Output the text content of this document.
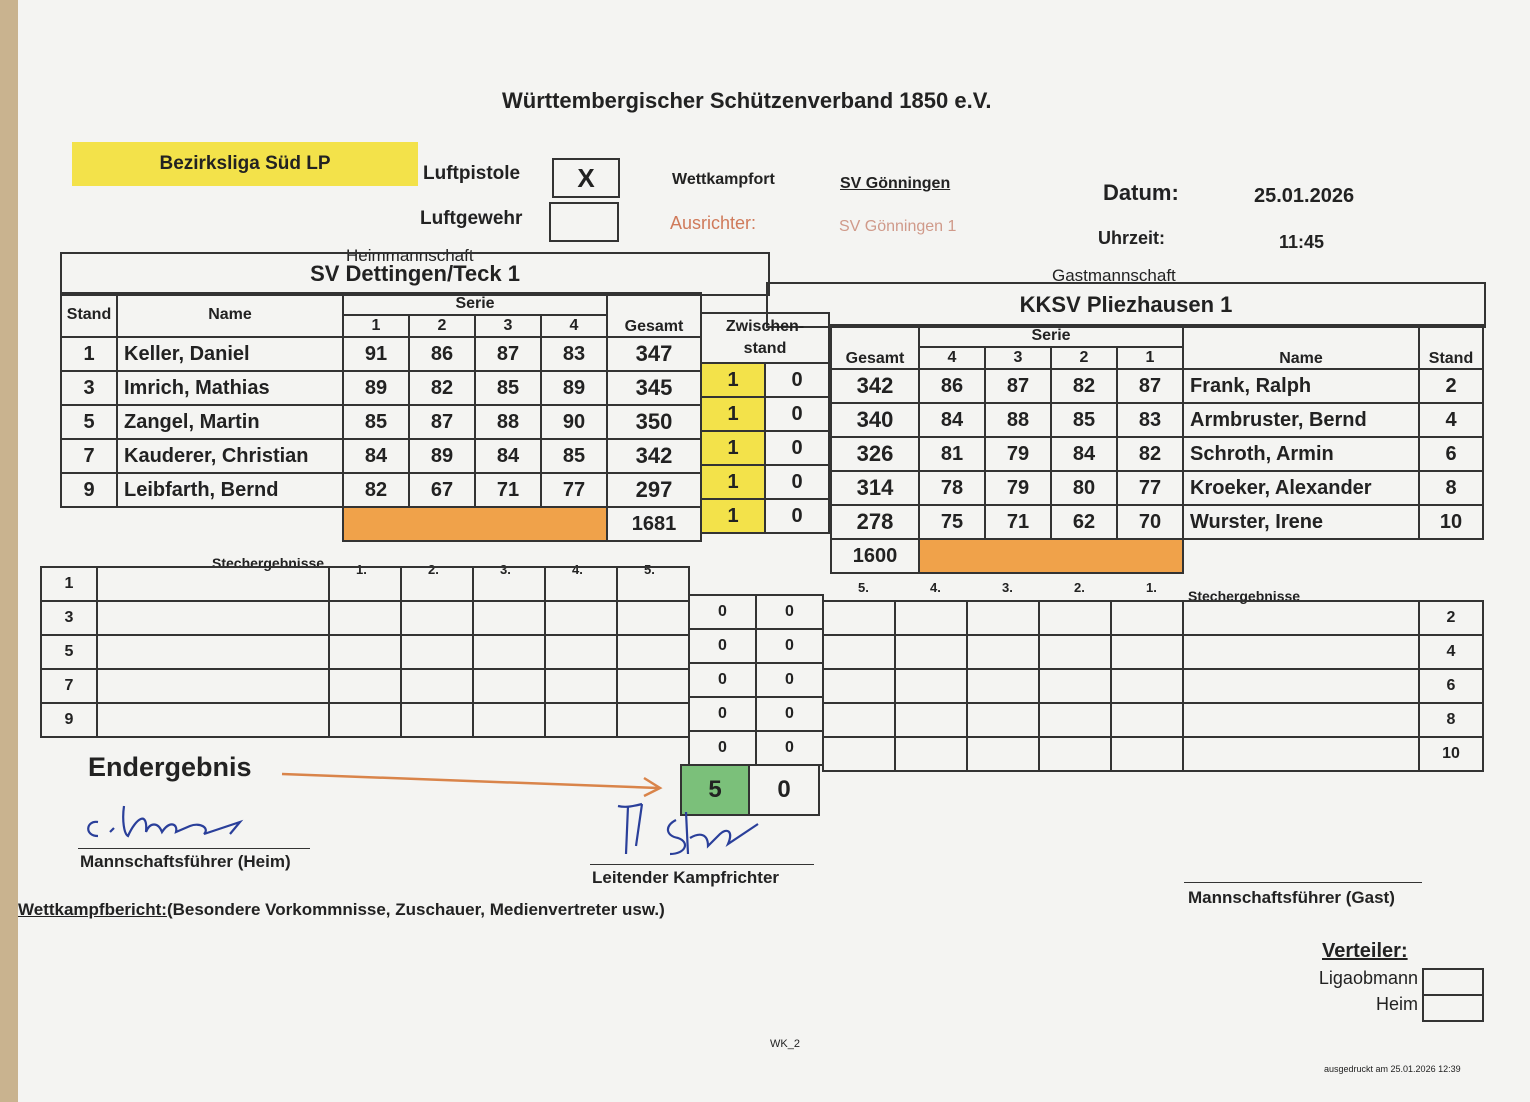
Württembergischer Schützenverband 1850 e.V.
Bezirksliga Süd LP	Luftpistole	X
Luftgewehr
Wettkampfort	SV Gönningen
Ausrichter:	SV Gönningen 1
Datum:	25.01.2026
Uhrzeit:	11:45
Heimmannschaft
Gastmannschaft
SV Dettingen/Teck 1
KKSV Pliezhausen 1
Stand	Name	Serie				Gesamt
		1	2	3	4	
1	Keller, Daniel	91	86	87	83	347
3	Imrich, Mathias	89	82	85	89	345
5	Zangel, Martin	85	87	88	90	350
7	Kauderer, Christian	84	89	84	85	342
9	Leibfarth, Bernd	82	67	71	77	297
						1681
Zwischen-
stand	
1	0
1	0
1	0
1	0
1	0
Gesamt	Serie				Name	Stand
	4	3	2	1		
342	86	87	82	87	Frank, Ralph	2
340	84	88	85	83	Armbruster, Bernd	4
326	81	79	84	82	Schroth, Armin	6
314	78	79	80	77	Kroeker, Alexander	8
278	75	71	62	70	Wurster, Irene	10
1600						
Stechergebnisse
Stechergebnisse
1.	2.	3.	4.	5.
5.	4.	3.	2.	1.
1						
3						
5						
7						
9						
0	0
0	0
0	0
0	0
0	0
						2
						4
						6
						8
						10
Endergebnis
5	0
Mannschaftsführer (Heim)
Leitender Kampfrichter
Mannschaftsführer (Gast)
Wettkampfbericht:(Besondere Vorkommnisse, Zuschauer, Medienvertreter usw.)
Verteiler:
Ligaobmann
Heim
WK_2
ausgedruckt am 25.01.2026 12:39
